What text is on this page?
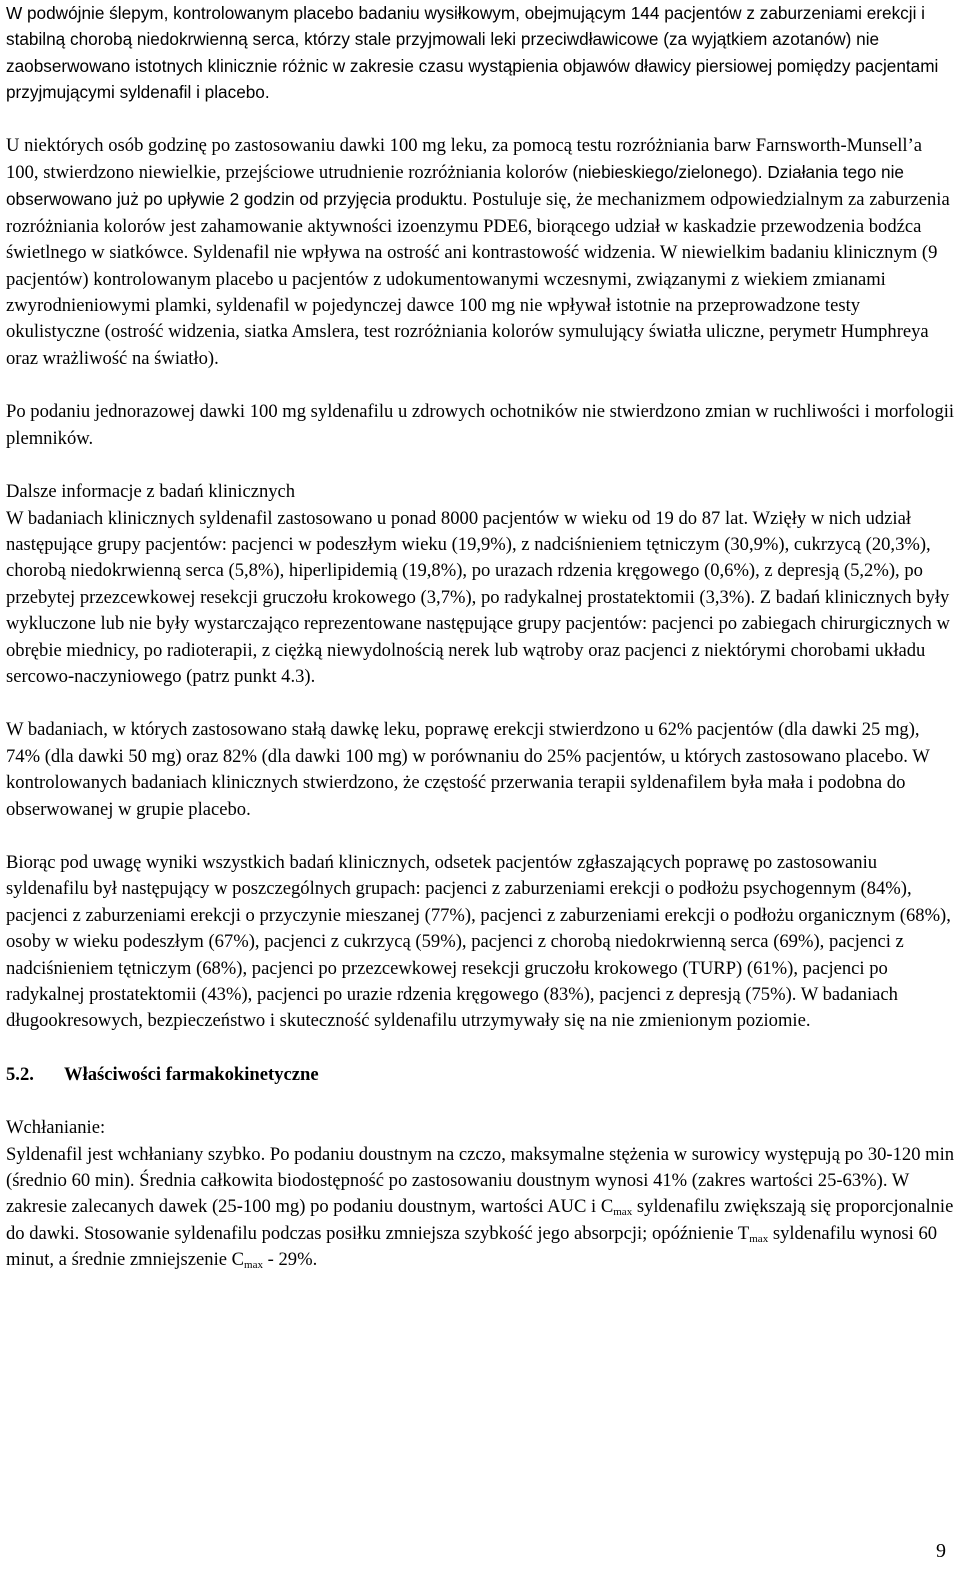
W podwójnie ślepym, kontrolowanym placebo badaniu wysiłkowym, obejmującym 144 pacjentów z zaburzeniami erekcji i stabilną chorobą niedokrwienną serca, którzy stale przyjmowali leki przeciwdławicowe (za wyjątkiem azotanów) nie zaobserwowano istotnych klinicznie różnic w zakresie czasu wystąpienia objawów dławicy piersiowej pomiędzy pacjentami przyjmującymi syldenafil i placebo.

U niektórych osób godzinę po zastosowaniu dawki 100 mg leku, za pomocą testu rozróżniania barw Farnsworth-Munsell’a 100, stwierdzono niewielkie, przejściowe utrudnienie rozróżniania kolorów (niebieskiego/zielonego). Działania tego nie obserwowano już po upływie 2 godzin od przyjęcia produktu. Postuluje się, że mechanizmem odpowiedzialnym za zaburzenia rozróżniania kolorów jest zahamowanie aktywności izoenzymu PDE6, biorącego udział w kaskadzie przewodzenia bodźca świetlnego w siatkówce. Syldenafil nie wpływa na ostrość ani kontrastowość widzenia. W niewielkim badaniu klinicznym (9 pacjentów) kontrolowanym placebo u pacjentów z udokumentowanymi wczesnymi, związanymi z wiekiem zmianami zwyrodnieniowymi plamki, syldenafil w pojedynczej dawce 100 mg nie wpływał istotnie na przeprowadzone testy okulistyczne (ostrość widzenia, siatka Amslera, test rozróżniania kolorów symulujący światła uliczne, perymetr Humphreya oraz wrażliwość na światło).

Po podaniu jednorazowej dawki 100 mg syldenafilu u zdrowych ochotników nie stwierdzono zmian w ruchliwości i morfologii plemników.

Dalsze informacje z badań klinicznych

W badaniach klinicznych syldenafil zastosowano u ponad 8000 pacjentów w wieku od 19 do 87 lat. Wzięły w nich udział następujące grupy pacjentów: pacjenci w podeszłym wieku (19,9%), z nadciśnieniem tętniczym (30,9%), cukrzycą (20,3%), chorobą niedokrwienną serca (5,8%), hiperlipidemią (19,8%), po urazach rdzenia kręgowego (0,6%), z depresją (5,2%), po przebytej przezcewkowej resekcji gruczołu krokowego (3,7%), po radykalnej prostatektomii (3,3%). Z badań klinicznych były wykluczone lub nie były wystarczająco reprezentowane następujące grupy pacjentów: pacjenci po zabiegach chirurgicznych w obrębie miednicy, po radioterapii, z ciężką niewydolnością nerek lub wątroby oraz pacjenci z niektórymi chorobami układu sercowo-naczyniowego (patrz punkt 4.3).

W badaniach, w których zastosowano stałą dawkę leku, poprawę erekcji stwierdzono u 62% pacjentów (dla dawki 25 mg), 74% (dla dawki 50 mg) oraz 82% (dla dawki 100 mg) w porównaniu do 25% pacjentów, u których zastosowano placebo. W kontrolowanych badaniach klinicznych stwierdzono, że częstość przerwania terapii syldenafilem była mała i podobna do obserwowanej w grupie placebo.

Biorąc pod uwagę wyniki wszystkich badań klinicznych, odsetek pacjentów zgłaszających poprawę po zastosowaniu syldenafilu był następujący w poszczególnych grupach: pacjenci z zaburzeniami erekcji o podłożu psychogennym (84%), pacjenci z zaburzeniami erekcji o przyczynie mieszanej (77%), pacjenci z zaburzeniami erekcji o podłożu organicznym (68%), osoby w wieku podeszłym (67%), pacjenci z cukrzycą (59%), pacjenci z chorobą niedokrwienną serca (69%), pacjenci z nadciśnieniem tętniczym (68%), pacjenci po przezcewkowej resekcji gruczołu krokowego (TURP) (61%), pacjenci po radykalnej prostatektomii (43%), pacjenci po urazie rdzenia kręgowego (83%), pacjenci z depresją (75%). W badaniach długookresowych, bezpieczeństwo i skuteczność syldenafilu utrzymywały się na nie zmienionym poziomie.

5.2. Właściwości farmakokinetyczne

Wchłanianie:

Syldenafil jest wchłaniany szybko. Po podaniu doustnym na czczo, maksymalne stężenia w surowicy występują po 30-120 min (średnio 60 min). Średnia całkowita biodostępność po zastosowaniu doustnym wynosi 41% (zakres wartości 25-63%). W zakresie zalecanych dawek (25-100 mg) po podaniu doustnym, wartości AUC i $C_{max}$ syldenafilu zwiększają się proporcjonalnie do dawki. Stosowanie syldenafilu podczas posiłku zmniejsza szybkość jego absorpcji; opóźnienie $T_{max}$ syldenafilu wynosi 60 minut, a średnie zmniejszenie $C_{max} - 29\%$.

9
